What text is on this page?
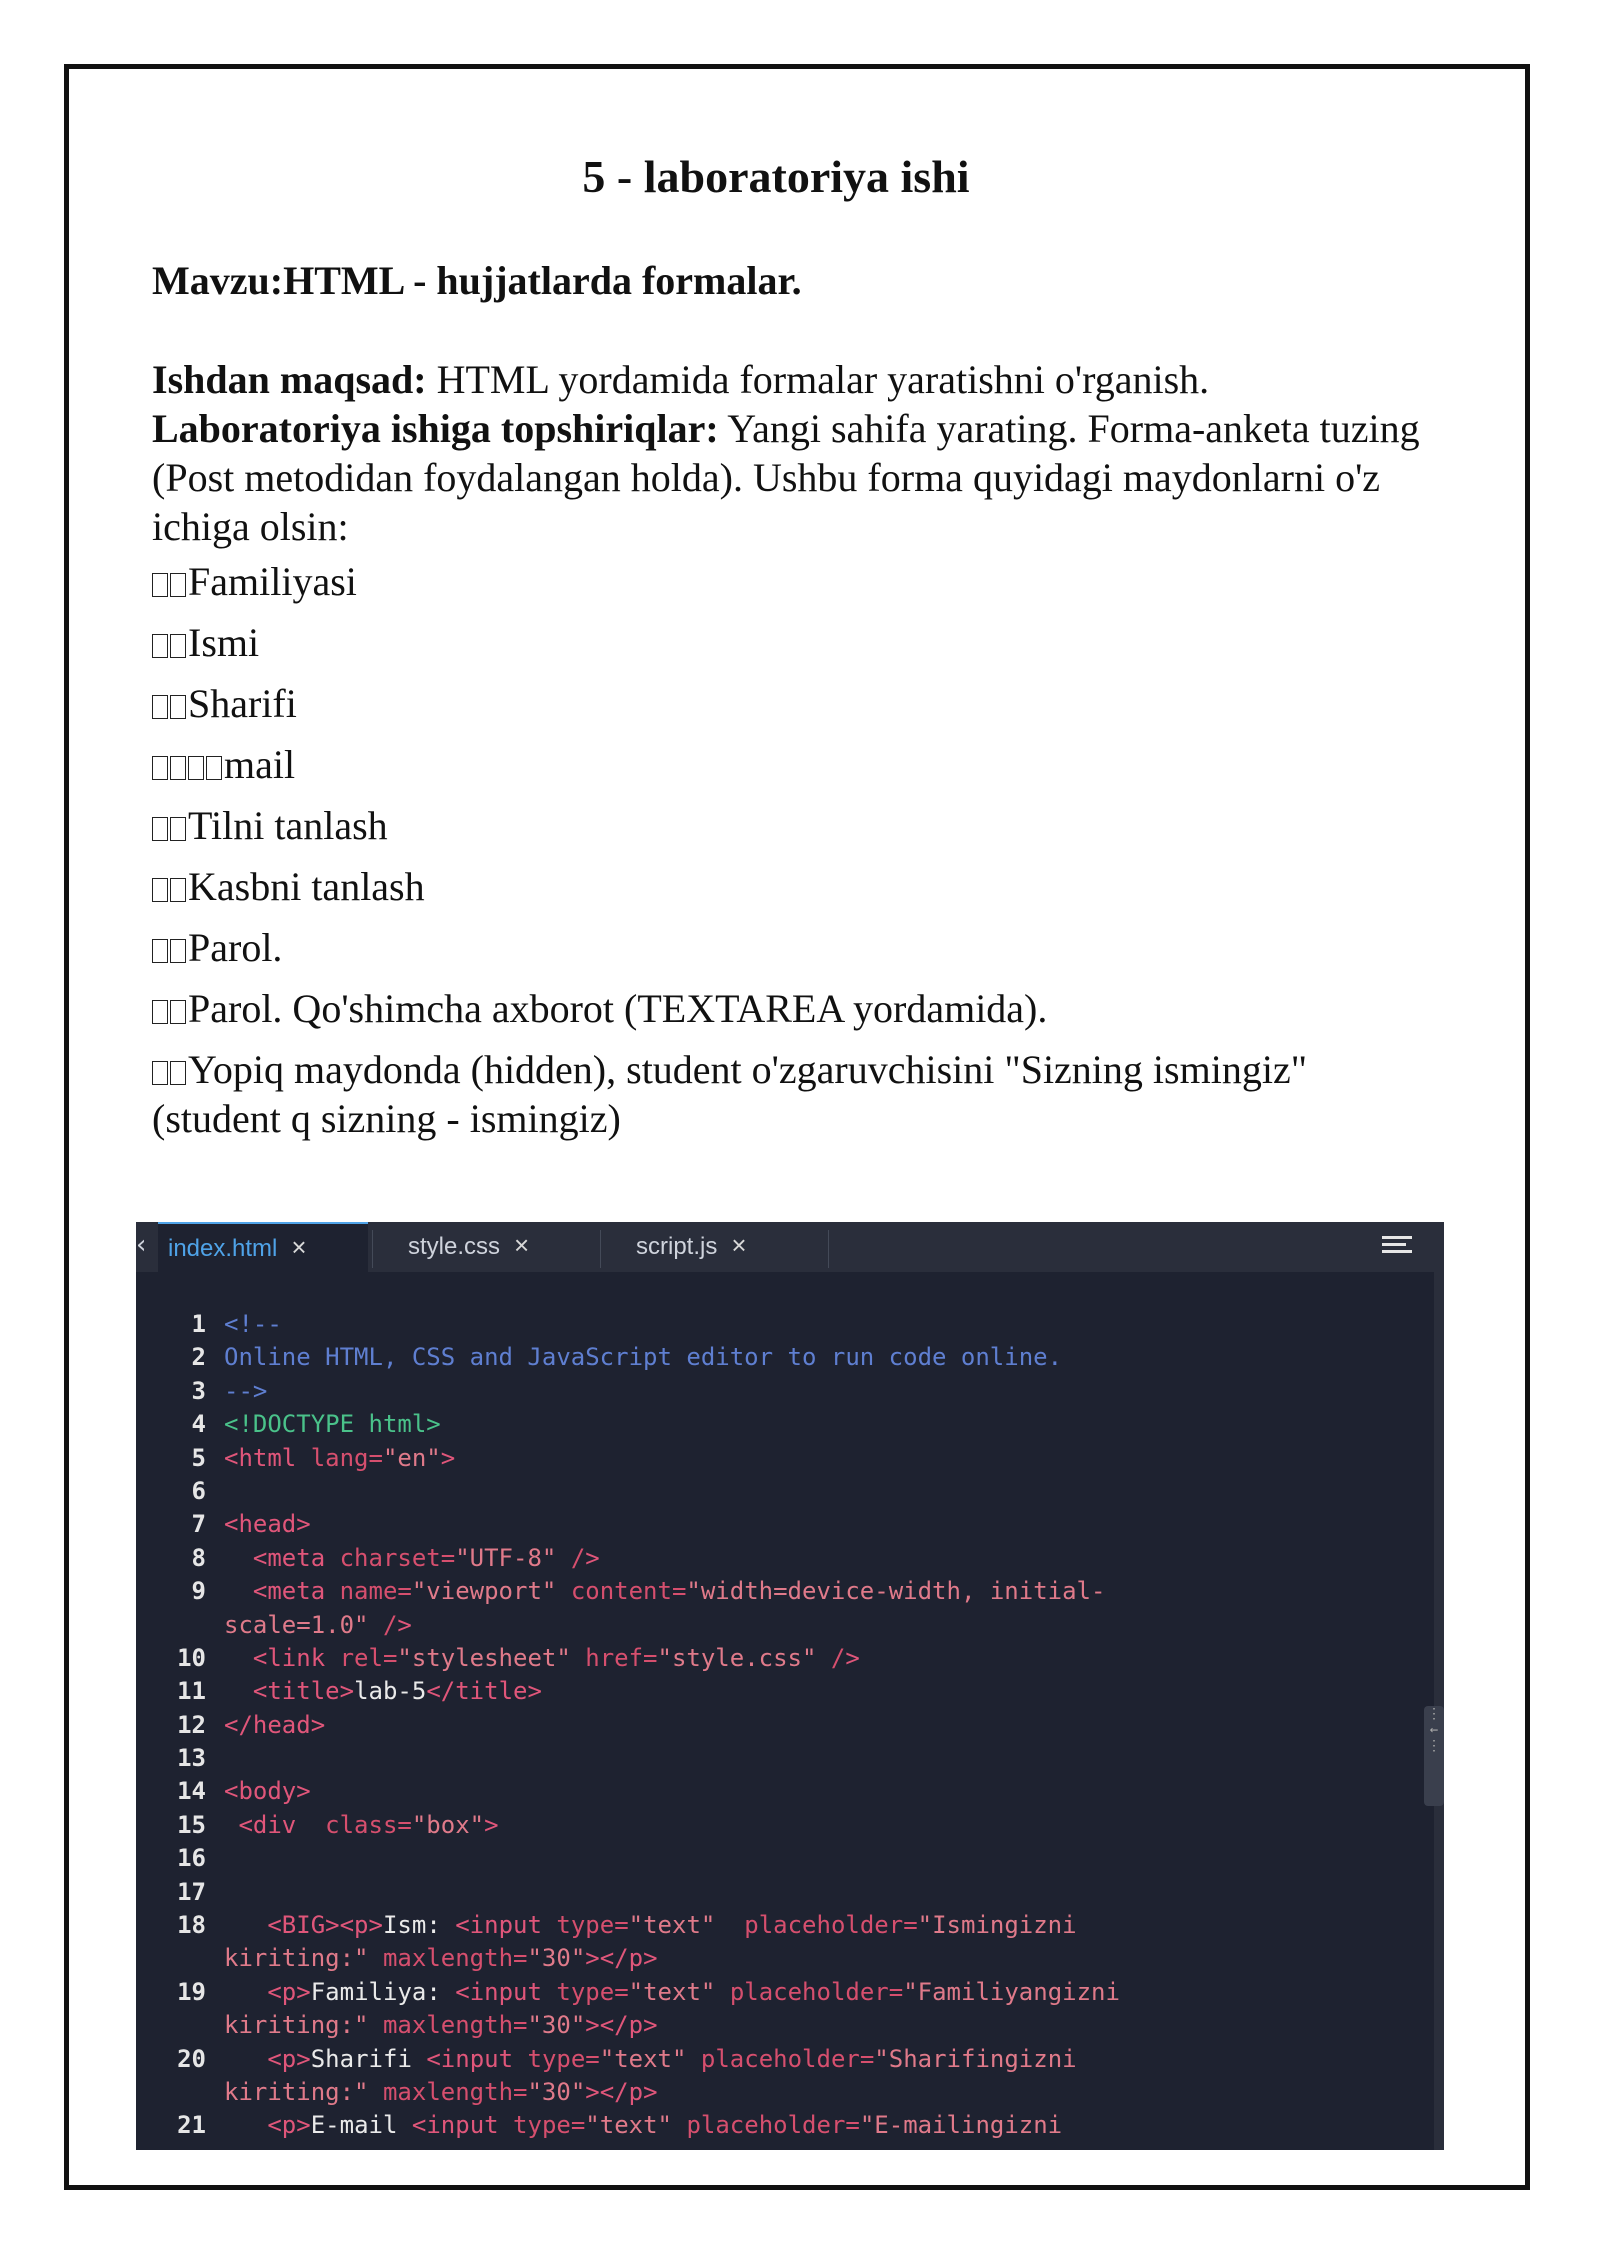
5 - laboratoriya ishi

Mavzu:HTML - hujjatlarda formalar.

Ishdan maqsad: HTML yordamida formalar yaratishni o'rganish.

Laboratoriya ishiga topshiriqlar: Yangi sahifa yarating. Forma-anketa tuzing (Post metodidan foydalangan holda). Ushbu forma quyidagi maydonlarni o'z ichiga olsin:

Familiyasi
Ismi
Sharifi
mail
Tilni tanlash
Kasbni tanlash
Parol.
Parol. Qo'shimcha axborot (TEXTAREA yordamida).
Yopiq maydonda (hidden), student o'zgaruvchisini "Sizning ismingiz" (student q sizning - ismingiz)
‹ index.html ×	style.css ×	script.js ×
1 <!--
2 Online HTML, CSS and JavaScript editor to run code online.
3 -->
4 <!DOCTYPE html>
5 <html lang="en">
6
7 <head>
8	<meta charset="UTF-8" />
9	<meta name="viewport" content="width=device-width, initial-
scale=1.0" />
10	<link rel="stylesheet" href="style.css" />
11	<title>lab-5</title>
12 </head>
13
14 <body>
15	<div class="box">
16
17
18	<BIG><p>Ism: <input type="text" placeholder="Ismingizni
kiriting:" maxlength="30"></p>
19	<p>Familiya: <input type="text" placeholder="Familiyangizni
kiriting:" maxlength="30"></p>
20	<p>Sharifi <input type="text" placeholder="Sharifingizni
kiriting:" maxlength="30"></p>
21	<p>E-mail <input type="text" placeholder="E-mailingizni
⋮
←
⋮
